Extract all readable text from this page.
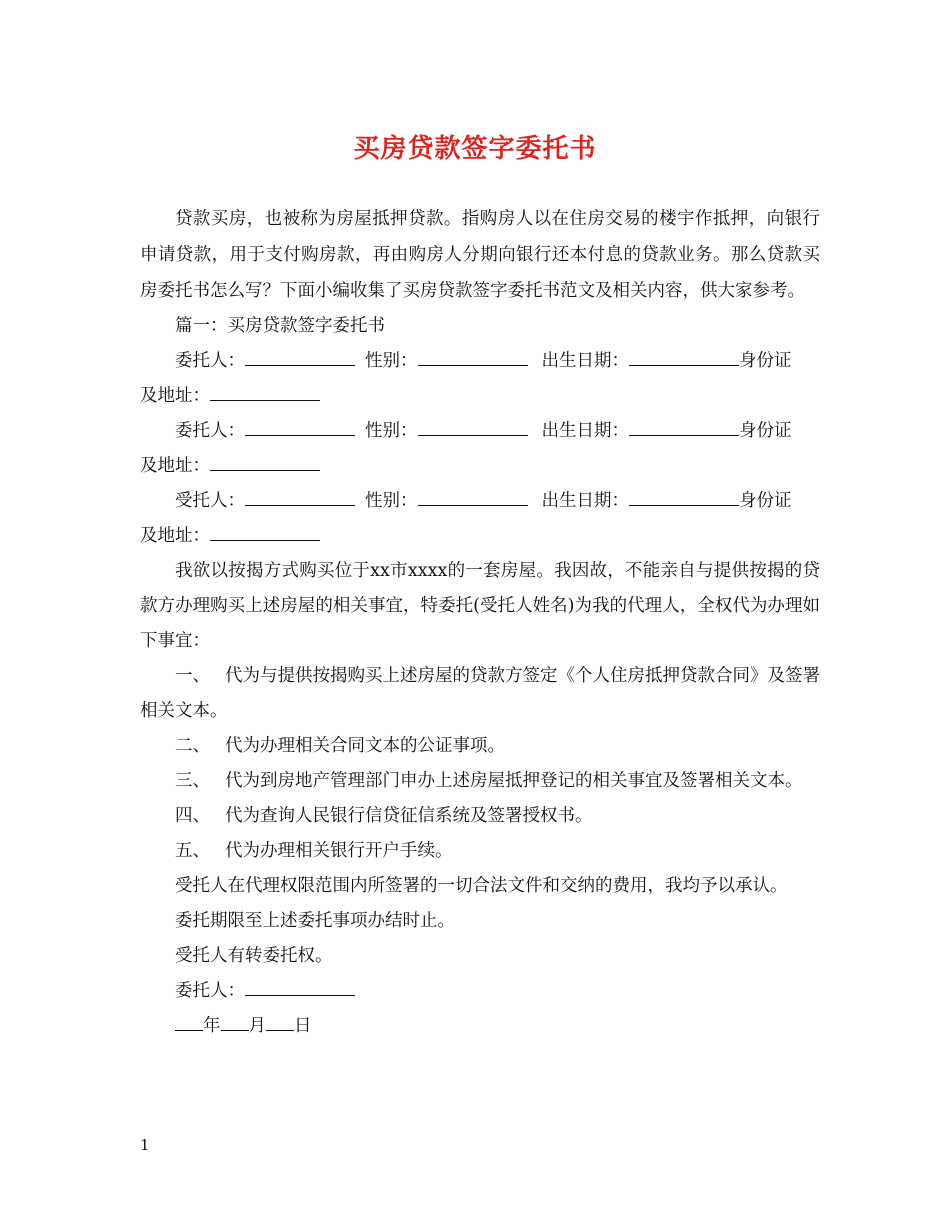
买房贷款签字委托书

贷款买房，也被称为房屋抵押贷款。指购房人以在住房交易的楼宇作抵押，向银行申请贷款，用于支付购房款，再由购房人分期向银行还本付息的贷款业务。那么贷款买房委托书怎么写？下面小编收集了买房贷款签字委托书范文及相关内容，供大家参考。

篇一：买房贷款签字委托书

委托人：	性别：	出生日期：	身份证

及地址：

委托人：	性别：	出生日期：	身份证

及地址：

受托人：	性别：	出生日期：	身份证

及地址：

我欲以按揭方式购买位于xx市xxxx的一套房屋。我因故，不能亲自与提供按揭的贷款方办理购买上述房屋的相关事宜，特委托(受托人姓名)为我的代理人，全权代为办理如下事宜：

一、 代为与提供按揭购买上述房屋的贷款方签定《个人住房抵押贷款合同》及签署相关文本。

二、 代为办理相关合同文本的公证事项。

三、 代为到房地产管理部门申办上述房屋抵押登记的相关事宜及签署相关文本。

四、 代为查询人民银行信贷征信系统及签署授权书。

五、 代为办理相关银行开户手续。

受托人在代理权限范围内所签署的一切合法文件和交纳的费用，我均予以承认。

委托期限至上述委托事项办结时止。

受托人有转委托权。

委托人：

年 月 日

1
